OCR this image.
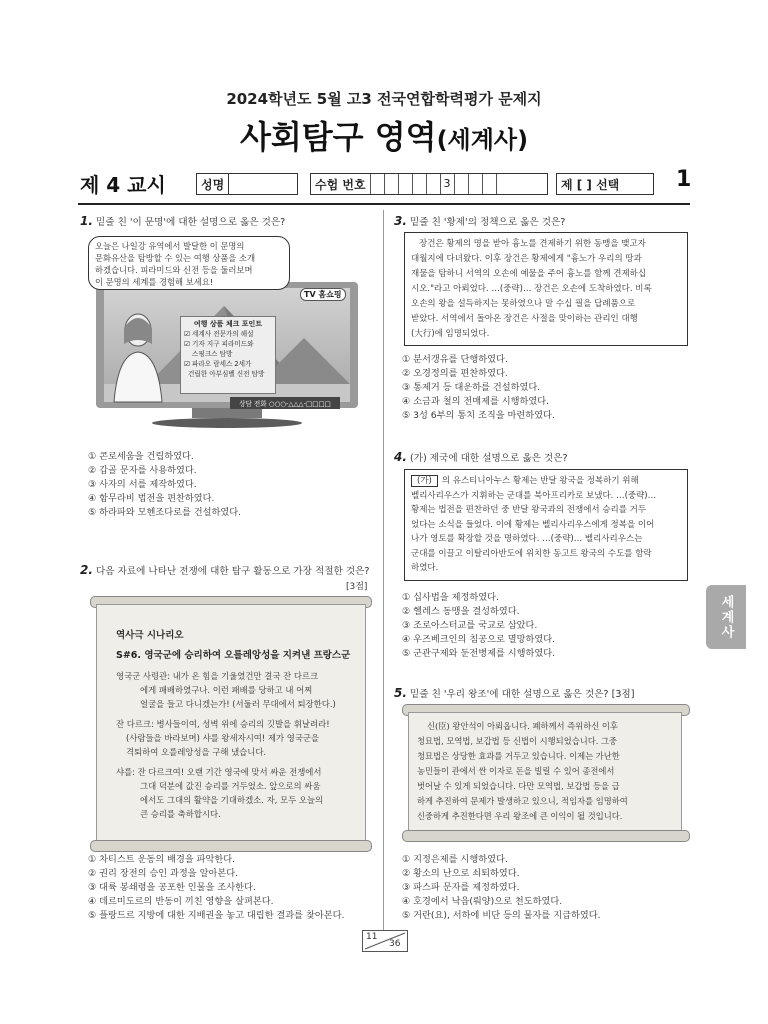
2024학년도 5월 고3 전국연합학력평가 문제지
사회탐구 영역(세계사)
제 4 교시	성명	수험 번호	3	제 [ ] 선택	1
세계사
1. 밑줄 친 '이 문명'에 대한 설명으로 옳은 것은?
오늘은 나일강 유역에서 발달한 이 문명의
문화유산을 탐방할 수 있는 여행 상품을 소개
하겠습니다. 피라미드와 신전 등을 둘러보며
이 문명의 세계를 경험해 보세요!
TV 홈쇼핑
여행 상품 체크 포인트
☑ 세계사 전문가의 해설
☑ 기자 지구 피라미드와
스핑크스 탐방
☑ 파라오 람세스 2세가
건립한 아부심벨 신전 탐방
상담 전화 ○○○-△△△-□□□□
① 콘로세움을 건립하였다.
② 갑골 문자를 사용하였다.
③ 사자의 서를 제작하였다.
④ 함무라비 법전을 편찬하였다.
⑤ 하라파와 모헨조다로를 건설하였다.
2. 다음 자료에 나타난 전쟁에 대한 탐구 활동으로 가장 적절한 것은?
[3점]
역사극 시나리오
S#6. 영국군에 승리하여 오를레앙성을 지켜낸 프랑스군
영국군 사령관: 내가 온 힘을 기울였건만 결국 잔 다르크
에게 패배하였구나. 이런 패배를 당하고 내 어찌
얼굴을 들고 다니겠는가! (서둘러 무대에서 퇴장한다.)
잔 다르크: 병사들이여, 성벽 위에 승리의 깃발을 휘날려라!
(사람들을 바라보며) 샤를 왕세자시여! 제가 영국군을
격퇴하여 오를레앙성을 구해 냈습니다.
샤를: 잔 다르크여! 오랜 기간 영국에 맞서 싸운 전쟁에서
그대 덕분에 값진 승리를 거두었소. 앞으로의 싸움
에서도 그대의 활약을 기대하겠소. 자, 모두 오늘의
큰 승리를 축하합시다.
① 차티스트 운동의 배경을 파악한다.
② 권리 장전의 승인 과정을 알아본다.
③ 대륙 봉쇄령을 공포한 인물을 조사한다.
④ 데르미도르의 반동이 끼친 영향을 살펴본다.
⑤ 플랑드르 지방에 대한 지배권을 놓고 대립한 결과를 찾아본다.
3. 밑줄 친 '황제'의 정책으로 옳은 것은?
장건은 황제의 명을 받아 흉노를 견제하기 위한 동맹을 맺고자
대월지에 다녀왔다. 이후 장건은 황제에게 "흉노가 우리의 땅과
재물을 탐하니 서역의 오손에 예물을 주어 흉노를 함께 견제하십
시오."라고 아뢰었다. …(중략)… 장건은 오손에 도착하였다. 비록
오손의 왕을 설득하지는 못하였으나 말 수십 필을 답례품으로
받았다. 서역에서 돌아온 장건은 사절을 맞이하는 관리인 대행
(大行)에 임명되었다.
① 분서갱유를 단행하였다.
② 오경정의를 편찬하였다.
③ 통제거 등 대운하를 건설하였다.
④ 소금과 철의 전매제를 시행하였다.
⑤ 3성 6부의 통치 조직을 마련하였다.
4. (가) 제국에 대한 설명으로 옳은 것은?
(가) 의 유스티니아누스 황제는 반달 왕국을 정복하기 위해
벨리사리우스가 지휘하는 군대를 북아프리카로 보냈다. …(중략)…
황제는 법전을 편찬하던 중 반달 왕국과의 전쟁에서 승리를 거두
었다는 소식을 들었다. 이에 황제는 벨리사리우스에게 정복을 이어
나가 영토를 확장할 것을 명하였다. …(중략)… 벨리사리우스는
군대를 이끌고 이탈리아반도에 위치한 동고트 왕국의 수도를 함락
하였다.
① 십사법을 제정하였다.
② 헬레스 동맹을 결성하였다.
③ 조로아스터교를 국교로 삼았다.
④ 우즈베크인의 침공으로 멸망하였다.
⑤ 군관구제와 둔전병제를 시행하였다.
5. 밑줄 친 '우리 왕조'에 대한 설명으로 옳은 것은? [3점]
신(臣) 왕안석이 아뢰옵니다. 폐하께서 즉위하신 이후
청묘법, 모역법, 보갑법 등 신법이 시행되었습니다. 그중
청묘법은 상당한 효과를 거두고 있습니다. 이제는 가난한
농민들이 관에서 싼 이자로 돈을 빌릴 수 있어 종전에서
벗어날 수 있게 되었습니다. 다만 모역법, 보갑법 등을 급
하게 추진하여 문제가 발생하고 있으니, 적임자를 임명하여
신중하게 추진한다면 우리 왕조에 큰 이익이 될 것입니다.
① 지정은제를 시행하였다.
② 황소의 난으로 쇠퇴하였다.
③ 파스파 문자를 제정하였다.
④ 호경에서 낙읍(뤄양)으로 천도하였다.
⑤ 거란(요), 서하에 비단 등의 물자를 지급하였다.
11
36
